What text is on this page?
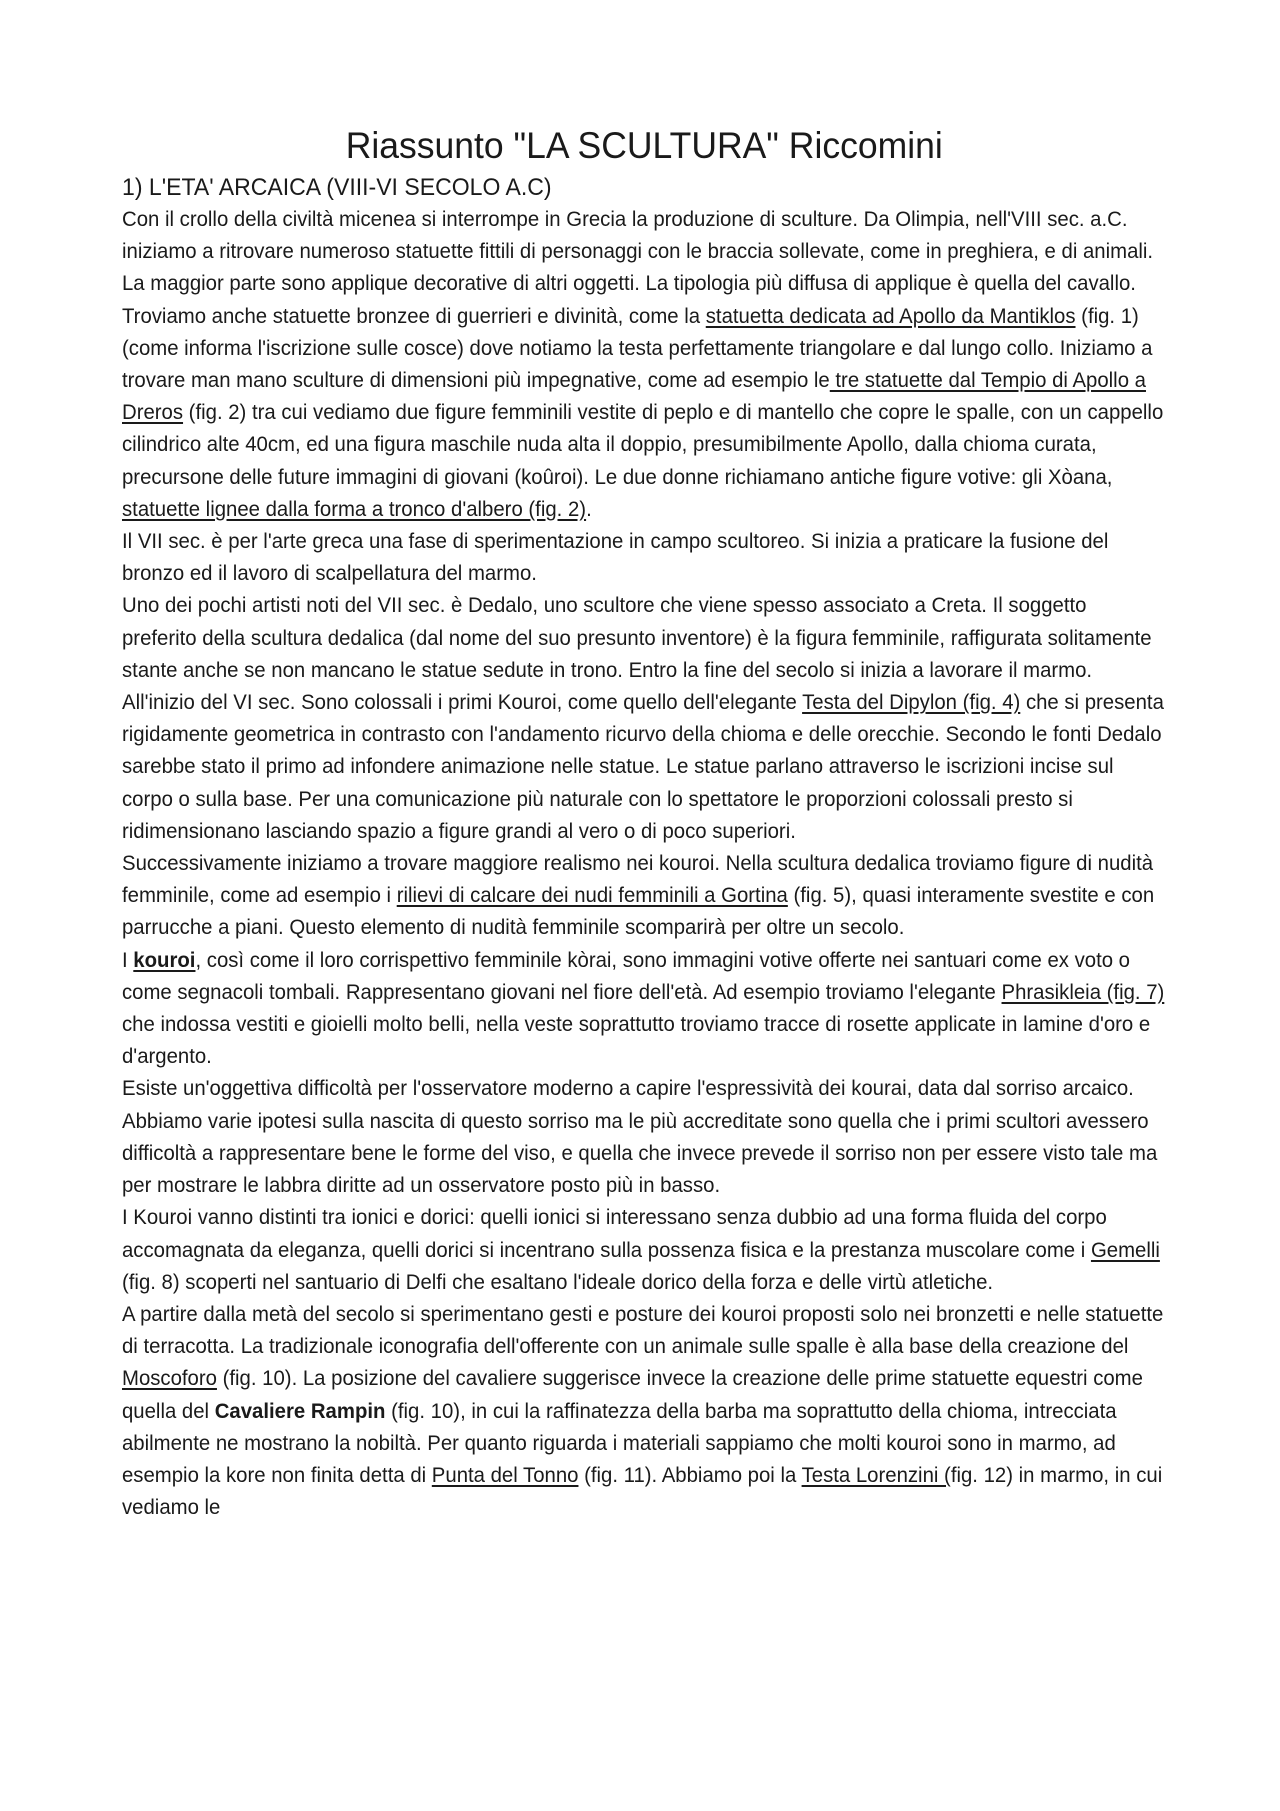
Riassunto "LA SCULTURA" Riccomini
1) L'ETA' ARCAICA (VIII-VI SECOLO A.C)

Con il crollo della civiltà micenea si interrompe in Grecia la produzione di sculture. Da Olimpia, nell'VIII sec. a.C. iniziamo a ritrovare numeroso statuette fittili di personaggi con le braccia sollevate, come in preghiera, e di animali. La maggior parte sono applique decorative di altri oggetti. La tipologia più diffusa di applique è quella del cavallo. Troviamo anche statuette bronzee di guerrieri e divinità, come la statuetta dedicata ad Apollo da Mantiklos (fig. 1) (come informa l'iscrizione sulle cosce) dove notiamo la testa perfettamente triangolare e dal lungo collo. Iniziamo a trovare man mano sculture di dimensioni più impegnative, come ad esempio le tre statuette dal Tempio di Apollo a Dreros (fig. 2) tra cui vediamo due figure femminili vestite di peplo e di mantello che copre le spalle, con un cappello cilindrico alte 40cm, ed una figura maschile nuda alta il doppio, presumibilmente Apollo, dalla chioma curata, precursone delle future immagini di giovani (koûroi). Le due donne richiamano antiche figure votive: gli Xòana, statuette lignee dalla forma a tronco d'albero (fig. 2).

Il VII sec. è per l'arte greca una fase di sperimentazione in campo scultoreo. Si inizia a praticare la fusione del bronzo ed il lavoro di scalpellatura del marmo.

Uno dei pochi artisti noti del VII sec. è Dedalo, uno scultore che viene spesso associato a Creta. Il soggetto preferito della scultura dedalica (dal nome del suo presunto inventore) è la figura femminile, raffigurata solitamente stante anche se non mancano le statue sedute in trono. Entro la fine del secolo si inizia a lavorare il marmo. All'inizio del VI sec. Sono colossali i primi Kouroi, come quello dell'elegante Testa del Dipylon (fig. 4) che si presenta rigidamente geometrica in contrasto con l'andamento ricurvo della chioma e delle orecchie. Secondo le fonti Dedalo sarebbe stato il primo ad infondere animazione nelle statue. Le statue parlano attraverso le iscrizioni incise sul corpo o sulla base. Per una comunicazione più naturale con lo spettatore le proporzioni colossali presto si ridimensionano lasciando spazio a figure grandi al vero o di poco superiori.

Successivamente iniziamo a trovare maggiore realismo nei kouroi. Nella scultura dedalica troviamo figure di nudità femminile, come ad esempio i rilievi di calcare dei nudi femminili a Gortina (fig. 5), quasi interamente svestite e con parrucche a piani. Questo elemento di nudità femminile scomparirà per oltre un secolo.

I kouroi, così come il loro corrispettivo femminile kòrai, sono immagini votive offerte nei santuari come ex voto o come segnacoli tombali. Rappresentano giovani nel fiore dell'età. Ad esempio troviamo l'elegante Phrasikleia (fig. 7) che indossa vestiti e gioielli molto belli, nella veste soprattutto troviamo tracce di rosette applicate in lamine d'oro e d'argento.

Esiste un'oggettiva difficoltà per l'osservatore moderno a capire l'espressività dei kourai, data dal sorriso arcaico. Abbiamo varie ipotesi sulla nascita di questo sorriso ma le più accreditate sono quella che i primi scultori avessero difficoltà a rappresentare bene le forme del viso, e quella che invece prevede il sorriso non per essere visto tale ma per mostrare le labbra diritte ad un osservatore posto più in basso.

I Kouroi vanno distinti tra ionici e dorici: quelli ionici si interessano senza dubbio ad una forma fluida del corpo accomagnata da eleganza, quelli dorici si incentrano sulla possenza fisica e la prestanza muscolare come i Gemelli (fig. 8) scoperti nel santuario di Delfi che esaltano l'ideale dorico della forza e delle virtù atletiche.

A partire dalla metà del secolo si sperimentano gesti e posture dei kouroi proposti solo nei bronzetti e nelle statuette di terracotta. La tradizionale iconografia dell'offerente con un animale sulle spalle è alla base della creazione del Moscoforo (fig. 10). La posizione del cavaliere suggerisce invece la creazione delle prime statuette equestri come quella del Cavaliere Rampin (fig. 10), in cui la raffinatezza della barba ma soprattutto della chioma, intrecciata abilmente ne mostrano la nobiltà. Per quanto riguarda i materiali sappiamo che molti kouroi sono in marmo, ad esempio la kore non finita detta di Punta del Tonno (fig. 11). Abbiamo poi la Testa Lorenzini (fig. 12) in marmo, in cui vediamo le
